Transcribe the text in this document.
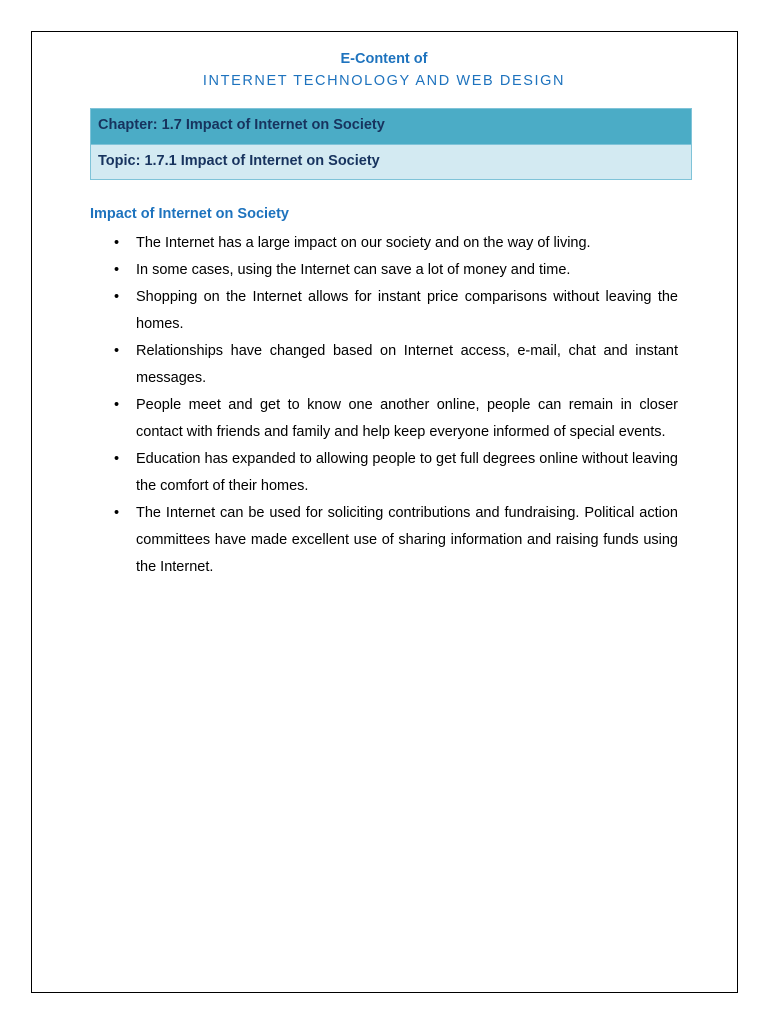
E-Content of
INTERNET TECHNOLOGY AND WEB DESIGN
Chapter: 1.7 Impact of Internet on Society
Topic: 1.7.1 Impact of Internet on Society
Impact of Internet on Society
• The Internet has a large impact on our society and on the way of living.
• In some cases, using the Internet can save a lot of money and time.
• Shopping on the Internet allows for instant price comparisons without leaving the homes.
• Relationships have changed based on Internet access, e-mail, chat and instant messages.
• People meet and get to know one another online, people can remain in closer contact with friends and family and help keep everyone informed of special events.
• Education has expanded to allowing people to get full degrees online without leaving the comfort of their homes.
• The Internet can be used for soliciting contributions and fundraising. Political action committees have made excellent use of sharing information and raising funds using the Internet.
